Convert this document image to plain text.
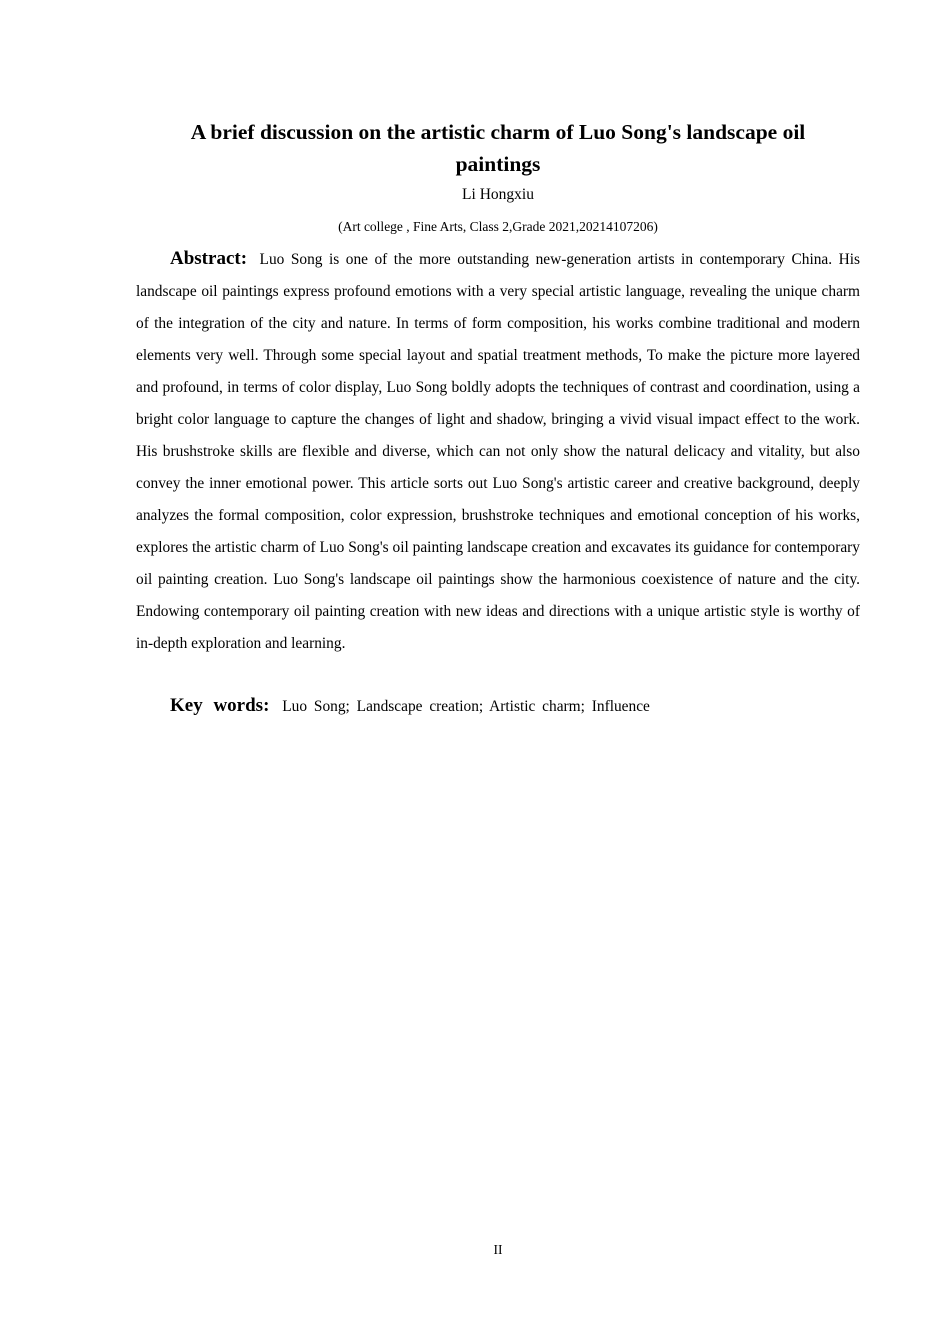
A brief discussion on the artistic charm of Luo Song's landscape oil paintings
Li Hongxiu
(Art college , Fine Arts, Class 2,Grade 2021,20214107206)

Abstract: Luo Song is one of the more outstanding new-generation artists in contemporary China. His landscape oil paintings express profound emotions with a very special artistic language, revealing the unique charm of the integration of the city and nature. In terms of form composition, his works combine traditional and modern elements very well. Through some special layout and spatial treatment methods, To make the picture more layered and profound, in terms of color display, Luo Song boldly adopts the techniques of contrast and coordination, using a bright color language to capture the changes of light and shadow, bringing a vivid visual impact effect to the work. His brushstroke skills are flexible and diverse, which can not only show the natural delicacy and vitality, but also convey the inner emotional power. This article sorts out Luo Song's artistic career and creative background, deeply analyzes the formal composition, color expression, brushstroke techniques and emotional conception of his works, explores the artistic charm of Luo Song's oil painting landscape creation and excavates its guidance for contemporary oil painting creation. Luo Song's landscape oil paintings show the harmonious coexistence of nature and the city. Endowing contemporary oil painting creation with new ideas and directions with a unique artistic style is worthy of in-depth exploration and learning.

Key words: Luo Song; Landscape creation; Artistic charm; Influence

II
